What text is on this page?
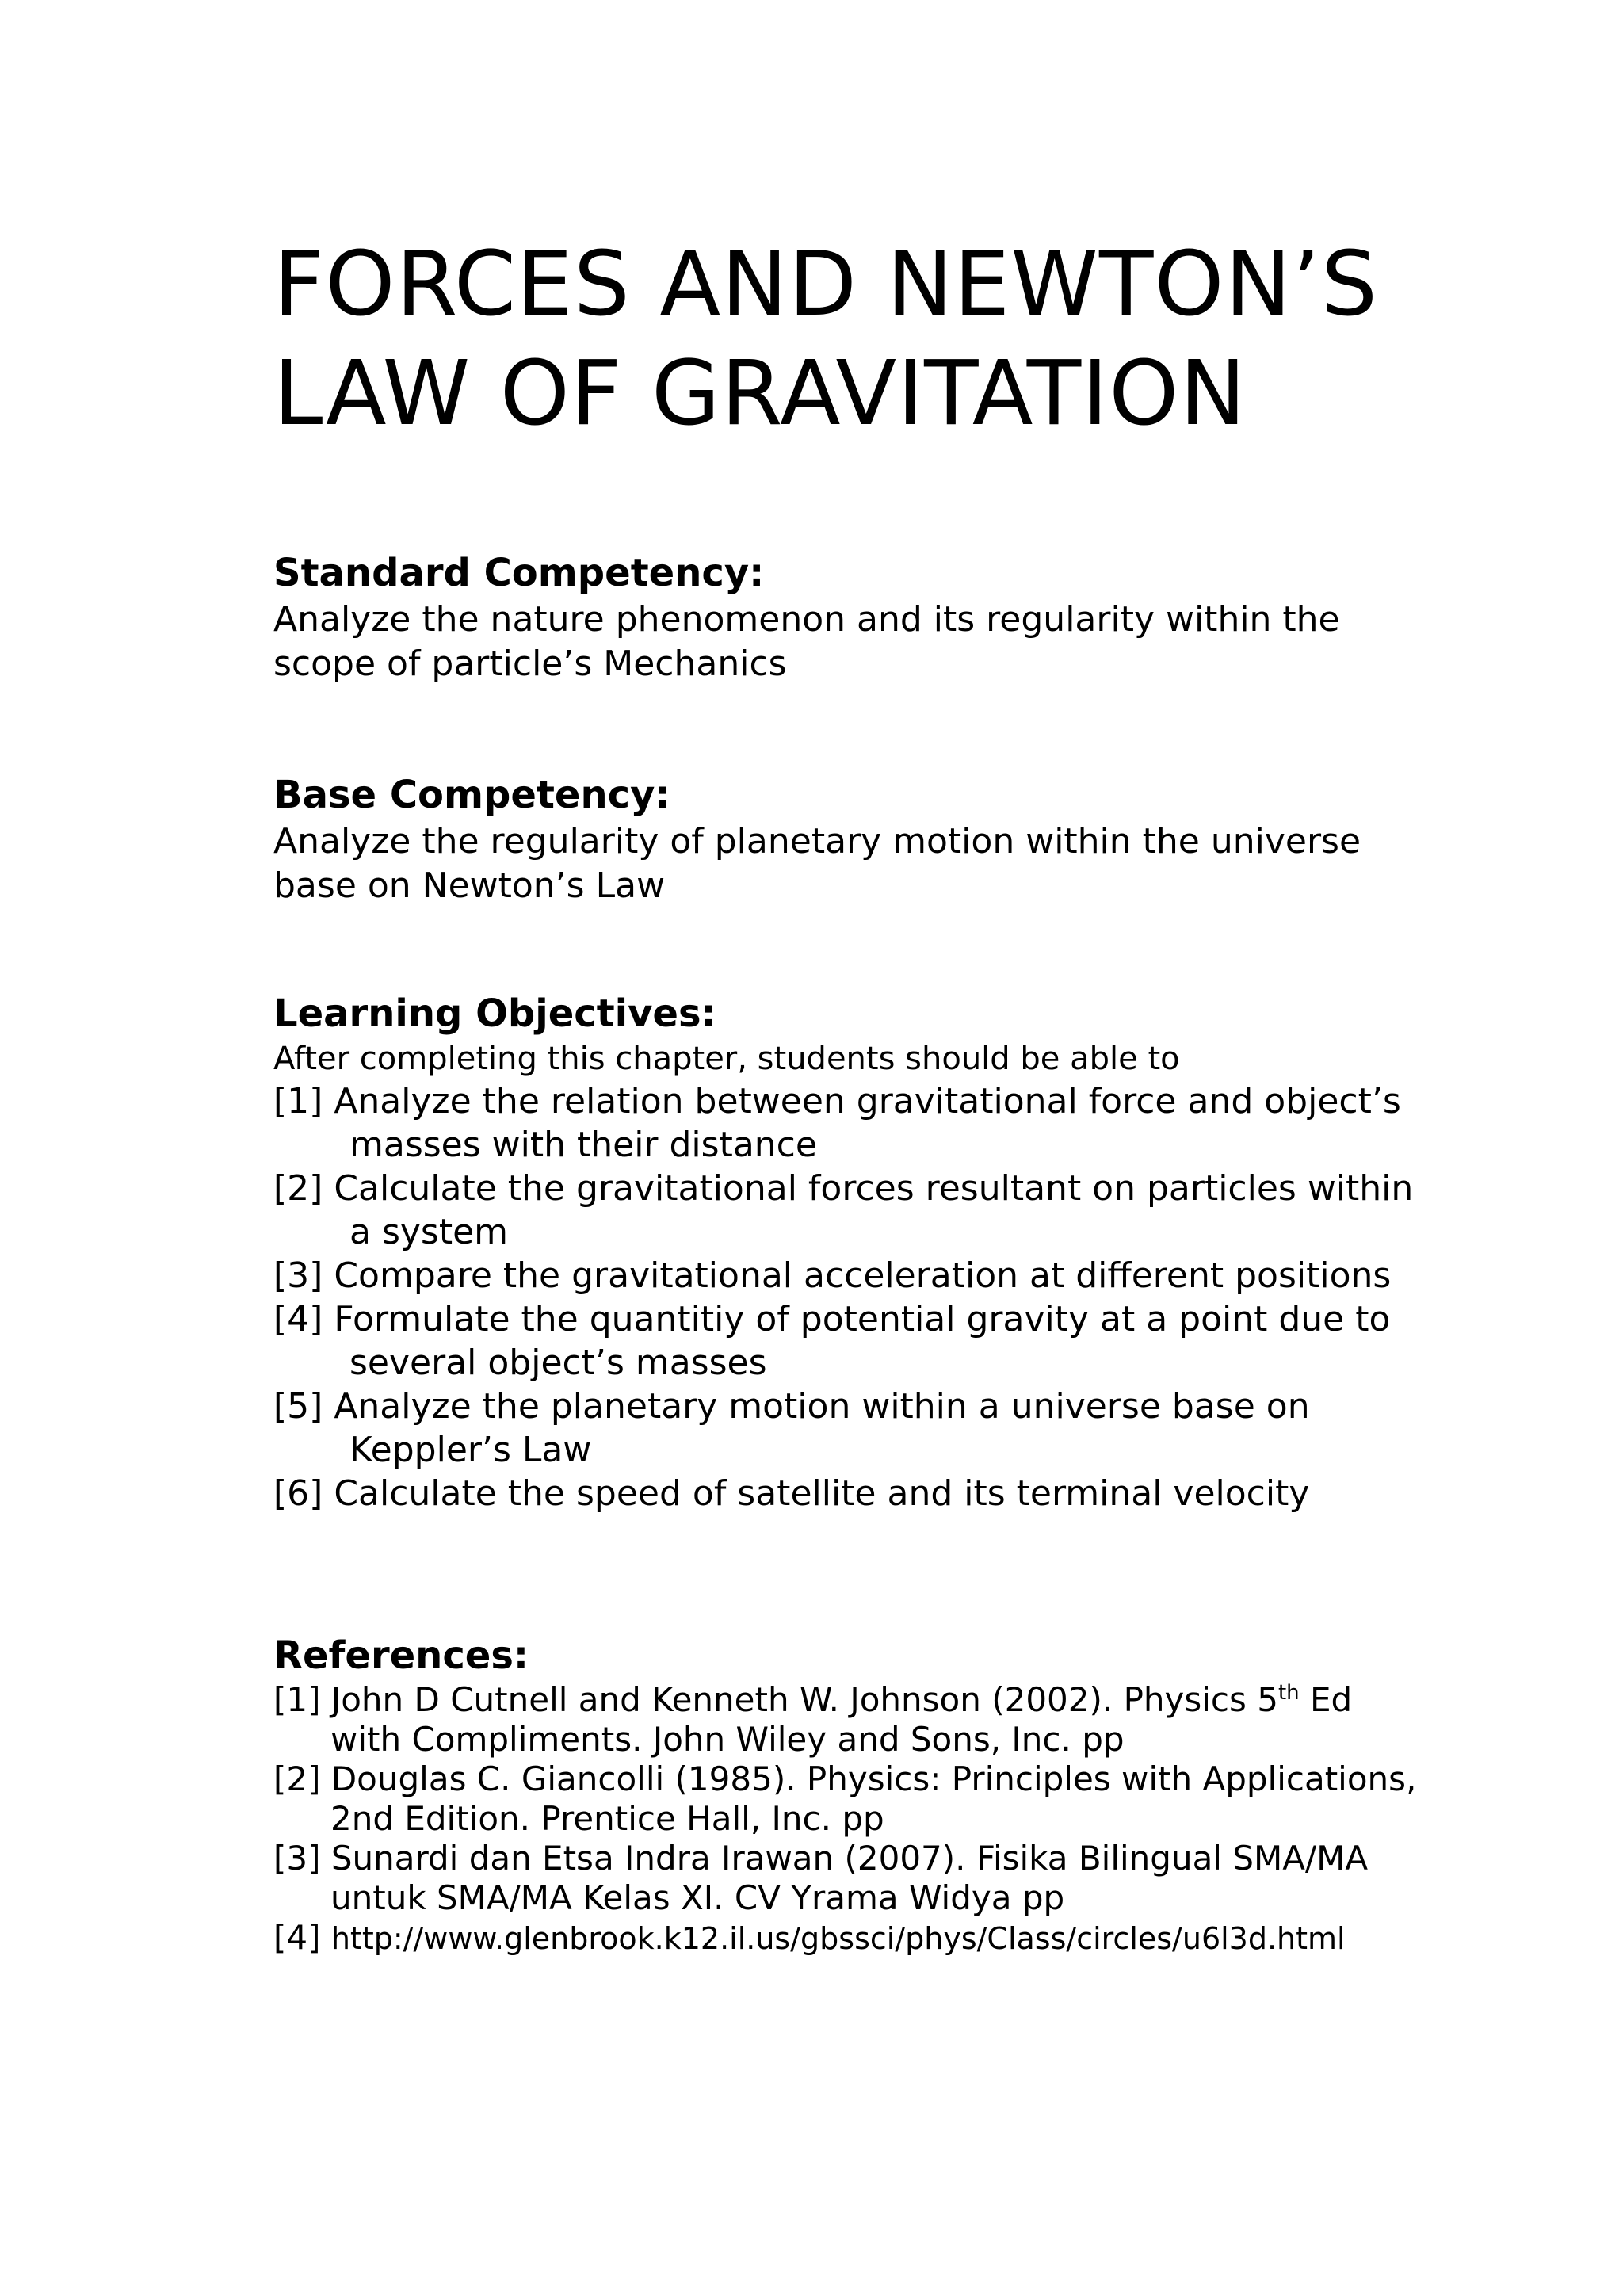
FORCES AND NEWTON’S
LAW OF GRAVITATION

Standard Competency:

Analyze the nature phenomenon and its regularity within the
scope of particle’s Mechanics

Base Competency:

Analyze the regularity of planetary motion within the universe
base on Newton’s Law

Learning Objectives:

After completing this chapter, students should be able to

[1] Analyze the relation between gravitational force and object’s masses with their distance

[2] Calculate the gravitational forces resultant on particles within a system

[3] Compare the gravitational acceleration at different positions

[4] Formulate the quantitiy of potential gravity at a point due to several object’s masses

[5] Analyze the planetary motion within a universe base on Keppler’s Law

[6] Calculate the speed of satellite and its terminal velocity

References:

[1] John D Cutnell and Kenneth W. Johnson (2002). Physics 5th Ed with Compliments. John Wiley and Sons, Inc. pp

[2] Douglas C. Giancolli (1985). Physics: Principles with Applications, 2nd Edition. Prentice Hall, Inc. pp

[3] Sunardi dan Etsa Indra Irawan (2007). Fisika Bilingual SMA/MA untuk SMA/MA Kelas XI. CV Yrama Widya pp

[4] http://www.glenbrook.k12.il.us/gbssci/phys/Class/circles/u6l3d.html
